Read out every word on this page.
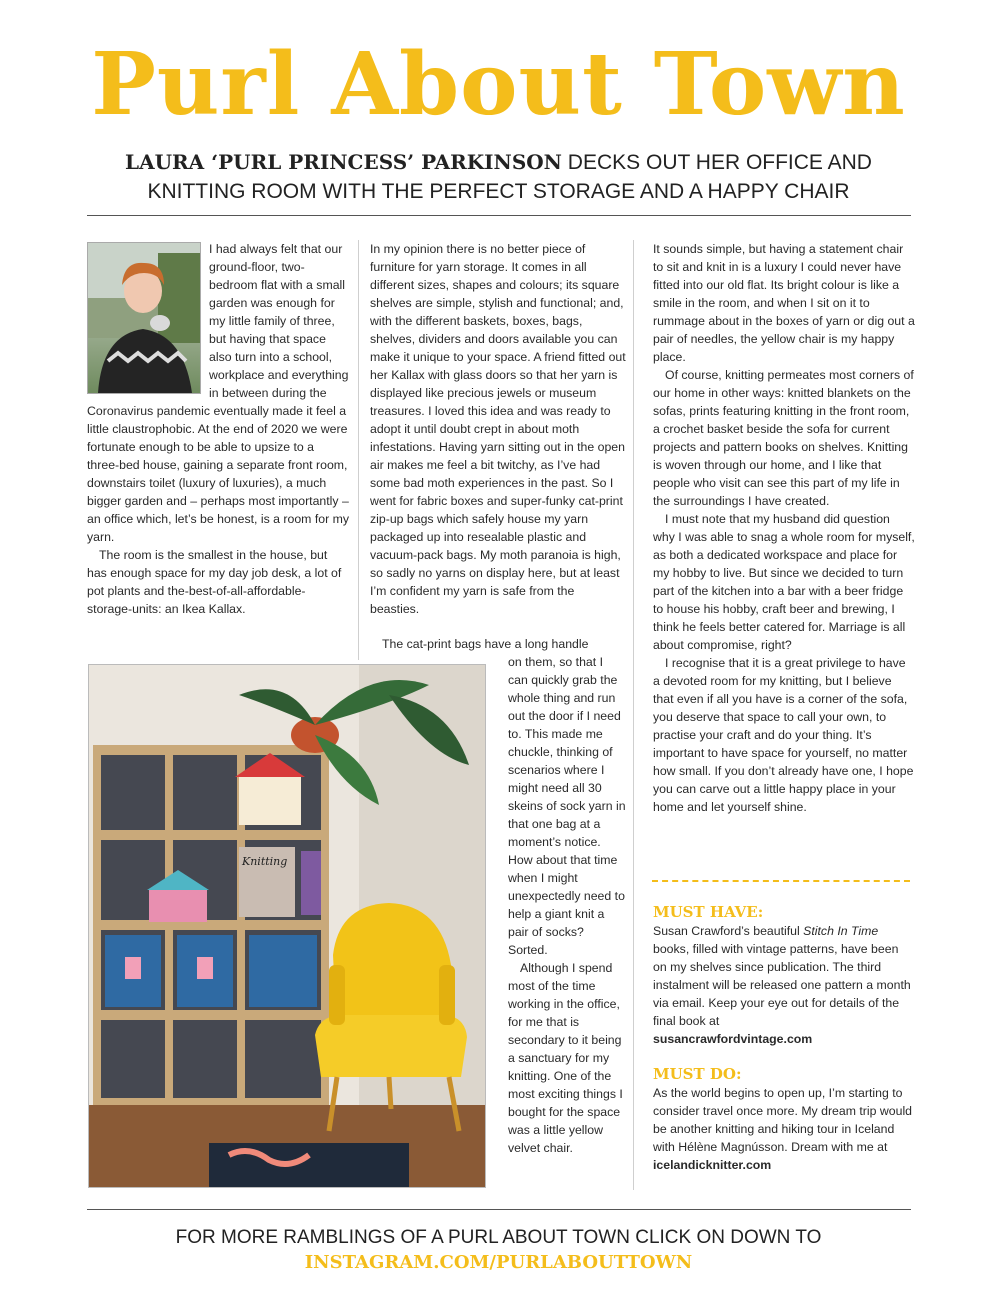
Purl About Town
LAURA ‘PURL PRINCESS’ PARKINSON DECKS OUT HER OFFICE AND
KNITTING ROOM WITH THE PERFECT STORAGE AND A HAPPY CHAIR

I had always felt that our ground-floor, two-bedroom flat with a small garden was enough for my little family of three, but having that space also turn into a school, workplace and everything in between during the Coronavirus pandemic eventually made it feel a little claustrophobic. At the end of 2020 we were fortunate enough to be able to upsize to a three-bed house, gaining a separate front room, downstairs toilet (luxury of luxuries), a much bigger garden and – perhaps most importantly – an office which, let’s be honest, is a room for my yarn.

The room is the smallest in the house, but has enough space for my day job desk, a lot of pot plants and the-best-of-all-affordable-storage-units: an Ikea Kallax.

Knitting

In my opinion there is no better piece of furniture for yarn storage. It comes in all different sizes, shapes and colours; its square shelves are simple, stylish and functional; and, with the different baskets, boxes, bags, shelves, dividers and doors available you can make it unique to your space. A friend fitted out her Kallax with glass doors so that her yarn is displayed like precious jewels or museum treasures. I loved this idea and was ready to adopt it until doubt crept in about moth infestations. Having yarn sitting out in the open air makes me feel a bit twitchy, as I’ve had some bad moth experiences in the past. So I went for fabric boxes and super-funky cat-print zip-up bags which safely house my yarn packaged up into resealable plastic and vacuum-pack bags. My moth paranoia is high, so sadly no yarns on display here, but at least I’m confident my yarn is safe from the beasties.

The cat-print bags have a long handle

on them, so that I can quickly grab the whole thing and run out the door if I need to. This made me chuckle, thinking of scenarios where I might need all 30 skeins of sock yarn in that one bag at a moment’s notice. How about that time when I might unexpectedly need to help a giant knit a pair of socks? Sorted.

Although I spend most of the time working in the office, for me that is secondary to it being a sanctuary for my knitting. One of the most exciting things I bought for the space was a little yellow velvet chair.

It sounds simple, but having a statement chair to sit and knit in is a luxury I could never have fitted into our old flat. Its bright colour is like a smile in the room, and when I sit on it to rummage about in the boxes of yarn or dig out a pair of needles, the yellow chair is my happy place.

Of course, knitting permeates most corners of our home in other ways: knitted blankets on the sofas, prints featuring knitting in the front room, a crochet basket beside the sofa for current projects and pattern books on shelves. Knitting is woven through our home, and I like that people who visit can see this part of my life in the surroundings I have created.

I must note that my husband did question why I was able to snag a whole room for myself, as both a dedicated workspace and place for my hobby to live. But since we decided to turn part of the kitchen into a bar with a beer fridge to house his hobby, craft beer and brewing, I think he feels better catered for. Marriage is all about compromise, right?

I recognise that it is a great privilege to have a devoted room for my knitting, but I believe that even if all you have is a corner of the sofa, you deserve that space to call your own, to practise your craft and do your thing. It’s important to have space for yourself, no matter how small. If you don’t already have one, I hope you can carve out a little happy place in your home and let yourself shine.

MUST HAVE:
Susan Crawford’s beautiful Stitch In Time books, filled with vintage patterns, have been on my shelves since publication. The third instalment will be released one pattern a month via email. Keep your eye out for details of the final book at
susancrawfordvintage.com
MUST DO:
As the world begins to open up, I’m starting to consider travel once more. My dream trip would be another knitting and hiking tour in Iceland with Hélène Magnússon. Dream with me at
icelandicknitter.com
FOR MORE RAMBLINGS OF A PURL ABOUT TOWN CLICK ON DOWN TO
INSTAGRAM.COM/PURLABOUTTOWN
